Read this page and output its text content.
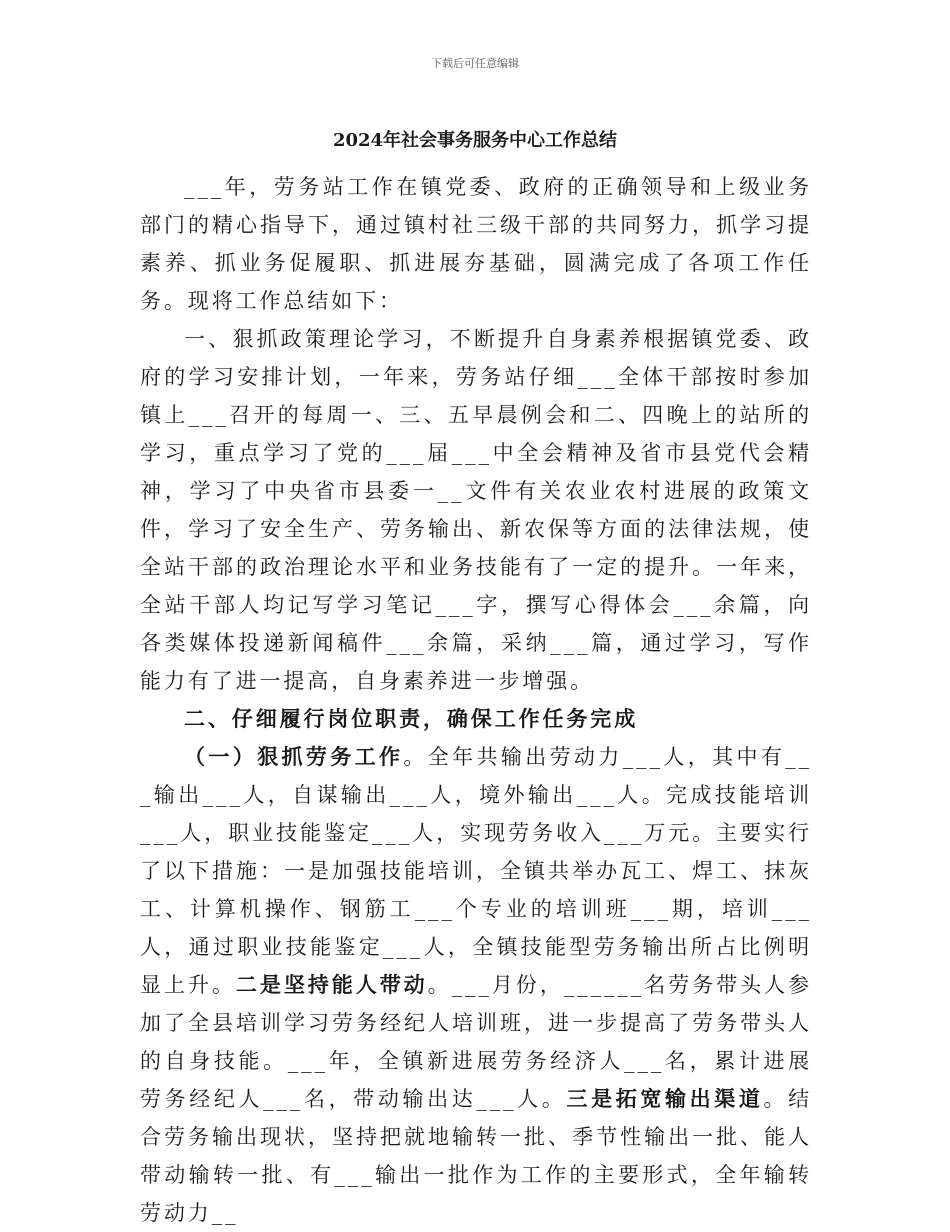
下载后可任意编辑
2024年社会事务服务中心工作总结

___年，劳务站工作在镇党委、政府的正确领导和上级业务部门的精心指导下，通过镇村社三级干部的共同努力，抓学习提素养、抓业务促履职、抓进展夯基础，圆满完成了各项工作任务。现将工作总结如下：

一、狠抓政策理论学习，不断提升自身素养根据镇党委、政府的学习安排计划，一年来，劳务站仔细___全体干部按时参加镇上___召开的每周一、三、五早晨例会和二、四晚上的站所的学习，重点学习了党的___届___中全会精神及省市县党代会精神，学习了中央省市县委一__文件有关农业农村进展的政策文件，学习了安全生产、劳务输出、新农保等方面的法律法规，使全站干部的政治理论水平和业务技能有了一定的提升。一年来，全站干部人均记写学习笔记___字，撰写心得体会___余篇，向各类媒体投递新闻稿件___余篇，采纳___篇，通过学习，写作能力有了进一提高，自身素养进一步增强。

二、仔细履行岗位职责，确保工作任务完成

（一）狠抓劳务工作。全年共输出劳动力___人，其中有___输出___人，自谋输出___人，境外输出___人。完成技能培训___人，职业技能鉴定___人，实现劳务收入___万元。主要实行了以下措施：一是加强技能培训，全镇共举办瓦工、焊工、抹灰工、计算机操作、钢筋工___个专业的培训班___期，培训___人，通过职业技能鉴定___人，全镇技能型劳务输出所占比例明显上升。二是坚持能人带动。___月份，______名劳务带头人参加了全县培训学习劳务经纪人培训班，进一步提高了劳务带头人的自身技能。___年，全镇新进展劳务经济人___名，累计进展劳务经纪人___名，带动输出达___人。三是拓宽输出渠道。结合劳务输出现状，坚持把就地输转一批、季节性输出一批、能人带动输转一批、有___输出一批作为工作的主要形式，全年输转劳动力__
